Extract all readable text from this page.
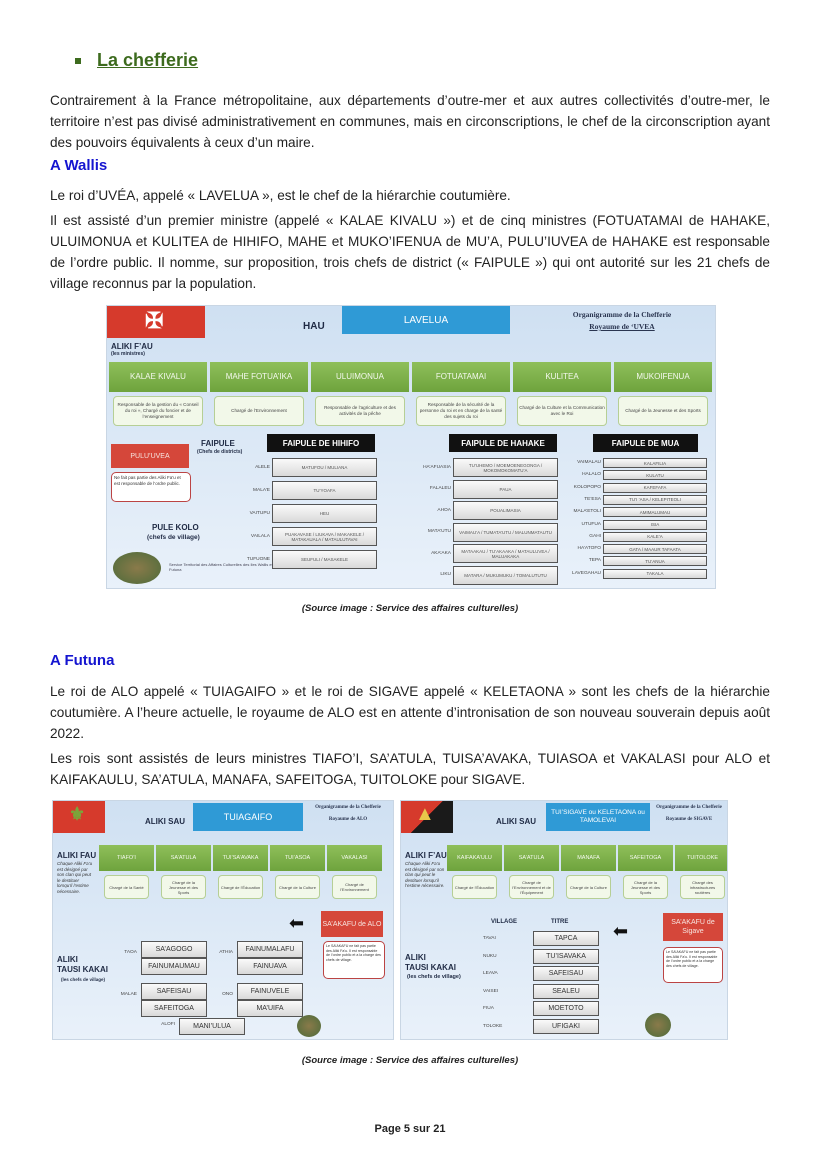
La chefferie
Contrairement à la France métropolitaine, aux départements d’outre-mer et aux autres collectivités d’outre-mer, le territoire n’est pas divisé administrativement en communes, mais en circonscriptions, le chef de la circonscription ayant des pouvoirs équivalents à ceux d’un maire.
A Wallis
Le roi d’UVÉA, appelé « LAVELUA », est le chef de la hiérarchie coutumière.
Il est assisté d’un premier ministre (appelé « KALAE KIVALU ») et de cinq ministres (FOTUATAMAI de HAHAKE, ULUIMONUA et KULITEA de HIHIFO, MAHE et MUKO’IFENUA de MU’A, PULU’IUVEA de HAHAKE est responsable de l’ordre public. Il nomme, sur proposition, trois chefs de district (« FAIPULE ») qui ont autorité sur les 21 chefs de village reconnus par la population.
✠	HAU
LAVELUA	Organigramme de la Chefferie
Royaume de ‘UVEA
ALIKI F’AU
(les ministres)
KALAE KIVALU
Responsable de la gestion du « Conseil du roi », Chargé du foncier et de l’enseignement
MAHE FOTUA’IKA
Chargé de l’Environnement
ULUIMONUA
Responsable de l’agriculture et des activités de la pêche
FOTUATAMAI
Responsable de la sécurité de la personne du roi et en charge de la santé des sujets du roi
KULITEA
Chargé de la Culture et la Communication avec le Roi
MUKOIFENUA
Chargé de la Jeunesse et des Sports
PULU’UVEA
Ne fait pas partie des Aliki Fa’u et est responsable de l’ordre public.
FAIPULE
(Chefs de districts)
PULE KOLO
(chefs de village)
FAIPULE DE HIHIFO
ALELE	MATUFOU / MULIANA
MALA’E	TU’YOAFA
VAITUPU	HEU
VAILALA	PUAKAVASE / LIUKAVA / MAKAKELE / MATAKAUALA / MATAULUTAVAI
TUFUONE	SEUFULI / MASAKELE
FAIPULE DE HAHAKE
HA’AFUASIA	TU’UHEMO / MOEMOENEGONGA / MOKOMOKOMATU’A
FALALEU	PAUA
AHOA	POUALIMASIA
MATA’UTU	VAIMAU’A / TUMATA’UTU / MALUNMATAUTU
AKA’AKA	MATAAKAU / TU’AKAAKA / MATAULUVEA / MALUAKAKA
LIKU	MATARA / MUKUMUKU / TOMALUTUTU
FAIPULE DE MUA
VAIMALAU	KALAFILIA
HALALO	KULATU
KOLOPOPO	KAFEFAFA
TE’ESA	TU’I ‘ASA / KELEPITEOLI
MALA’ETOLI	AMIMALUMAU
UTUFUA	ISIA
GAHI	KALE’A
HA’ATOFO	GATA / MAAUR TAFAATA
TEPA	TU’ANUA
LAVEGAHAU	TAKALA
Service Territorial des Affaires Culturelles des Iles Wallis et Futuna
(Source image : Service des affaires culturelles)
A Futuna
Le roi de ALO appelé « TUIAGAIFO » et le roi de SIGAVE appelé « KELETAONA » sont les chefs de la hiérarchie coutumière. A l’heure actuelle, le royaume de ALO est en attente d’intronisation de son nouveau souverain depuis août 2022.
Les rois sont assistés de leurs ministres TIAFO’I, SA’ATULA, TUISA’AVAKA, TUIASOA et VAKALASI pour ALO et KAIFAKAULU, SA’ATULA, MANAFA, SAFEITOGA, TUITOLOKE pour SIGAVE.
⚜	ALIKI SAU	TUIAGAIFO
Organigramme de la Chefferie
Royaume de ALO
ALIKI FAU
Chaque Aliki Fa’u est désigné par son clan qui peut le destituer lorsqu’il l’estime nécessaire.
TIAFO’I
Chargé de la Santé
SA’ATULA
Chargé de la Jeunesse et des Sports
TUI’SA’AVAKA
Chargé de l’Éducation
TUI’ASOA
Chargé de la Culture
VAKALASI
Chargé de l’Environnement
SA’AKAFU de ALO
Le SA’AKAFU ne fait pas partie des Aliki Fa’u. Il est responsable de l’ordre public et a la charge des chefs de village.
⬅
ALIKI
TAUSI KAKAI
(les chefs de village)
TAOA	SA’AGOGO
FAINUMAUMAU
ATHIA	FAINUMALAFU
FAINUAVA
MALAE	SAFEISAU
SAFEITOGA
ONO	FAINUVELE
MA’UIFA
ALOFI	MANI’ULUA
▲	ALIKI SAU
TUI’SIGAVE ou KELETAONA ou TAMOLEVAI
Organigramme de la Chefferie
Royaume de SIGAVE
ALIKI F’AU
Chaque Aliki Fa’u est désigné par son clan qui peut le destituer lorsqu’il l’estime nécessaire.
KAIFAKA’ULU
Chargé de l’Éducation
SA’ATULA
Chargé de l’Environnement et de l’Équipement
MANAFA
Chargé de la Culture
SAFEITOGA
Chargé de la Jeunesse et des Sports
TUITOLOKE
Chargé des infrastructures routières
SA’AKAFU de Sigave
Le SA’AKAFU ne fait pas partie des Aliki Fa’u. Il est responsable de l’ordre public et a la charge des chefs de village.
⬅
ALIKI
TAUSI KAKAI
(les chefs de village)
VILLAGE	TITRE
TAVAI	TAPCA
NUKU	TU’ISAVAKA
LEAVA	SAFEISAU
VAISEI	SEALEU
FIUA	MOETOTO
TOLOKE	UFIGAKI
(Source image : Service des affaires culturelles)
Page 5 sur 21
